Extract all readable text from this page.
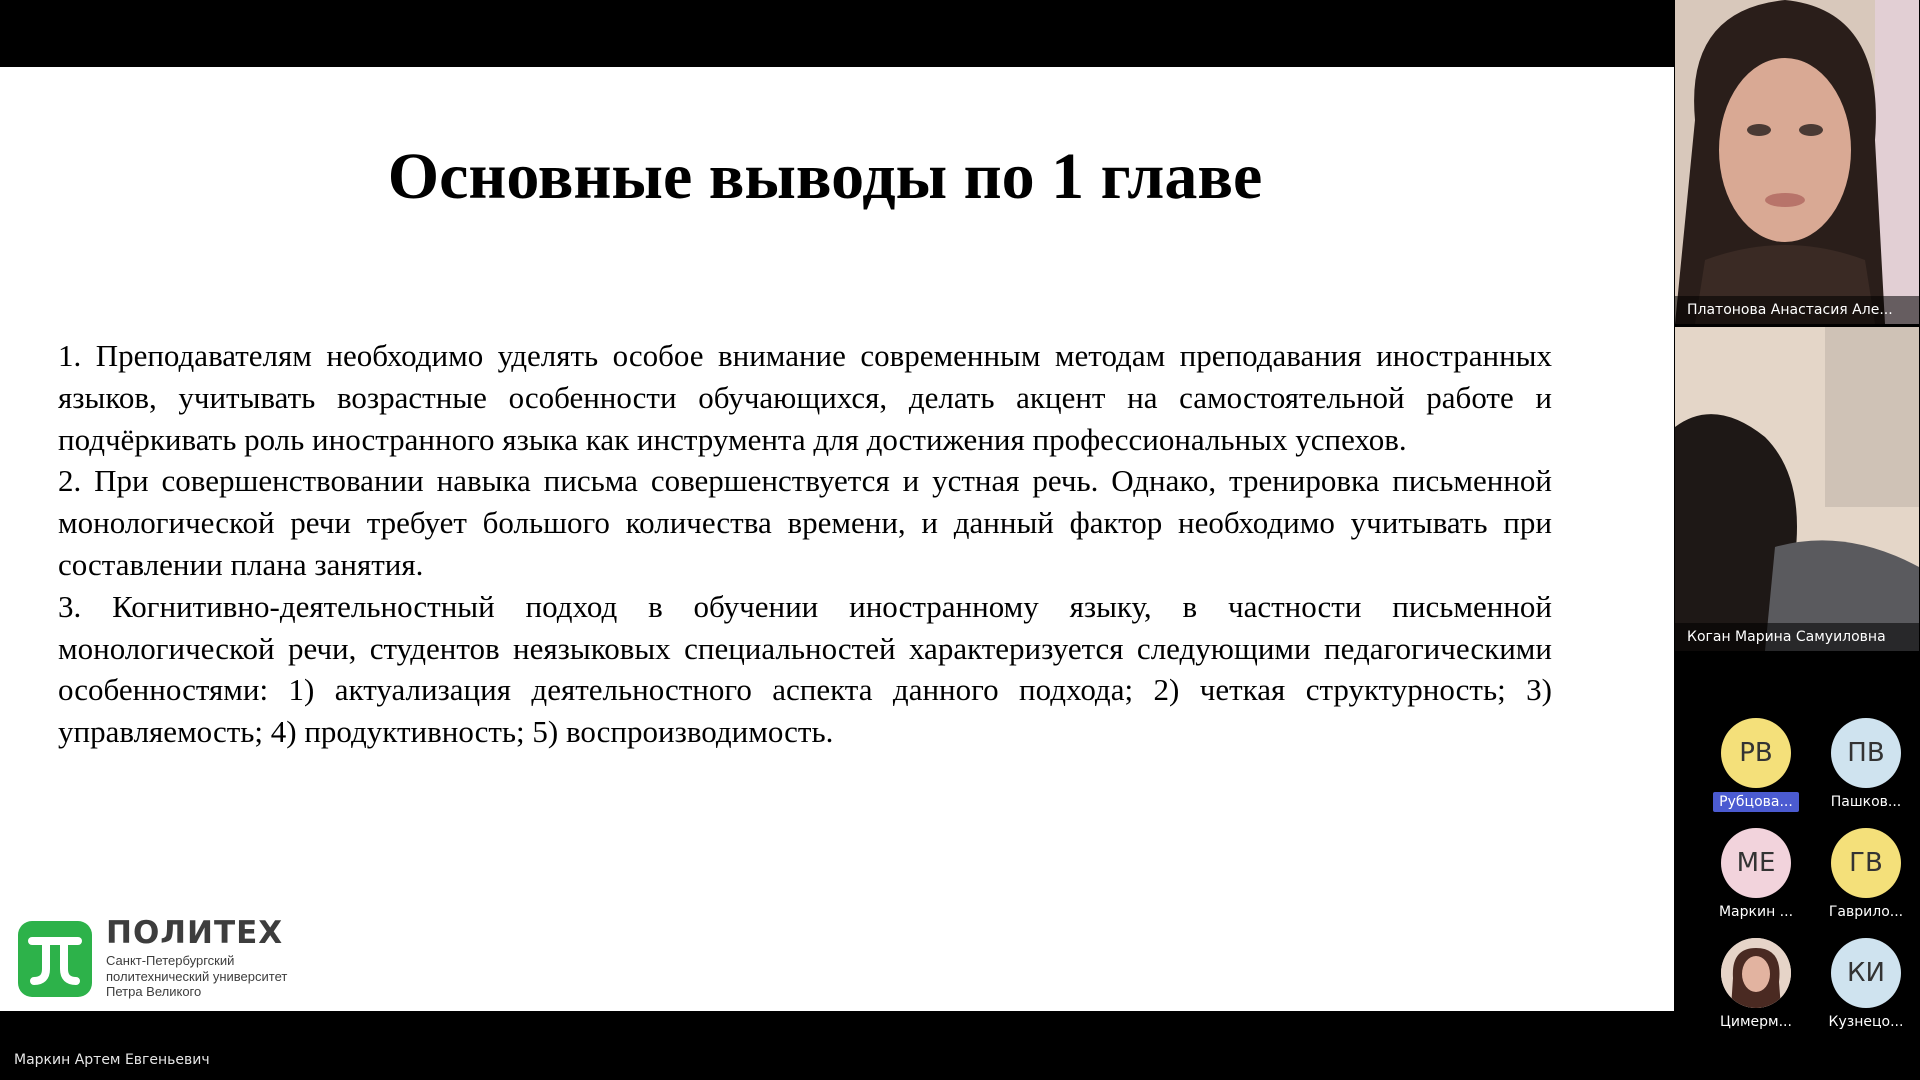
Основные выводы по 1 главе

1. Преподавателям необходимо уделять особое внимание современным методам преподавания иностранных языков, учитывать возрастные особенности обучающихся, делать акцент на самостоятельной работе и подчёркивать роль иностранного языка как инструмента для достижения профессиональных успехов.

2. При совершенствовании навыка письма совершенствуется и устная речь. Однако, тренировка письменной монологической речи требует большого количества времени, и данный фактор необходимо учитывать при составлении плана занятия.

3. Когнитивно-деятельностный подход в обучении иностранному языку, в частности письменной монологической речи, студентов неязыковых специальностей характеризуется следующими педагогическими особенностями: 1) актуализация деятельностного аспекта данного подхода; 2) четкая структурность; 3) управляемость; 4) продуктивность; 5) воспроизводимость.

ПОЛИТЕХ
Санкт-Петербургский
политехнический университет
Петра Великого
Маркин Артем Евгеньевич
Платонова Анастасия Але...
Коган Марина Самуиловна
РВ
Рубцова...
ПВ
Пашков...
МЕ
Маркин ...
ГВ
Гаврило...
Цимерм...
КИ
Кузнецо...
